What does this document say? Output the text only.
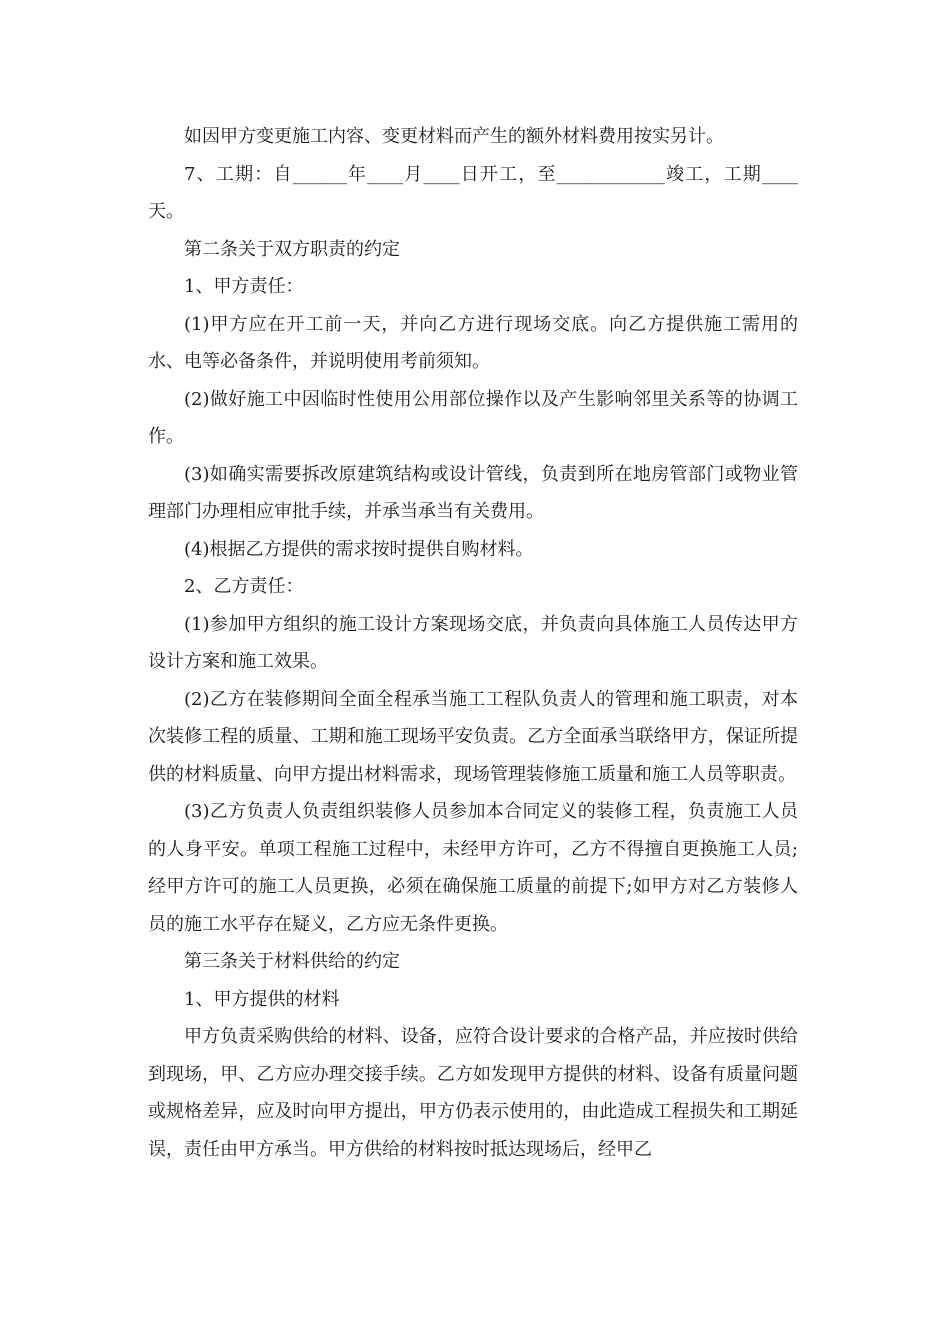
如因甲方变更施工内容、变更材料而产生的额外材料费用按实另计。

7、工期：自______年____月____日开工，至____________竣工，工期____天。

第二条关于双方职责的约定

1、甲方责任：

(1)甲方应在开工前一天，并向乙方进行现场交底。向乙方提供施工需用的水、电等必备条件，并说明使用考前须知。

(2)做好施工中因临时性使用公用部位操作以及产生影响邻里关系等的协调工作。

(3)如确实需要拆改原建筑结构或设计管线，负责到所在地房管部门或物业管理部门办理相应审批手续，并承当承当有关费用。

(4)根据乙方提供的需求按时提供自购材料。

2、乙方责任：

(1)参加甲方组织的施工设计方案现场交底，并负责向具体施工人员传达甲方设计方案和施工效果。

(2)乙方在装修期间全面全程承当施工工程队负责人的管理和施工职责，对本次装修工程的质量、工期和施工现场平安负责。乙方全面承当联络甲方，保证所提供的材料质量、向甲方提出材料需求，现场管理装修施工质量和施工人员等职责。

(3)乙方负责人负责组织装修人员参加本合同定义的装修工程，负责施工人员的人身平安。单项工程施工过程中，未经甲方许可，乙方不得擅自更换施工人员;经甲方许可的施工人员更换，必须在确保施工质量的前提下;如甲方对乙方装修人员的施工水平存在疑义，乙方应无条件更换。

第三条关于材料供给的约定

1、甲方提供的材料

甲方负责采购供给的材料、设备，应符合设计要求的合格产品，并应按时供给到现场，甲、乙方应办理交接手续。乙方如发现甲方提供的材料、设备有质量问题或规格差异，应及时向甲方提出，甲方仍表示使用的，由此造成工程损失和工期延误，责任由甲方承当。甲方供给的材料按时抵达现场后，经甲乙
